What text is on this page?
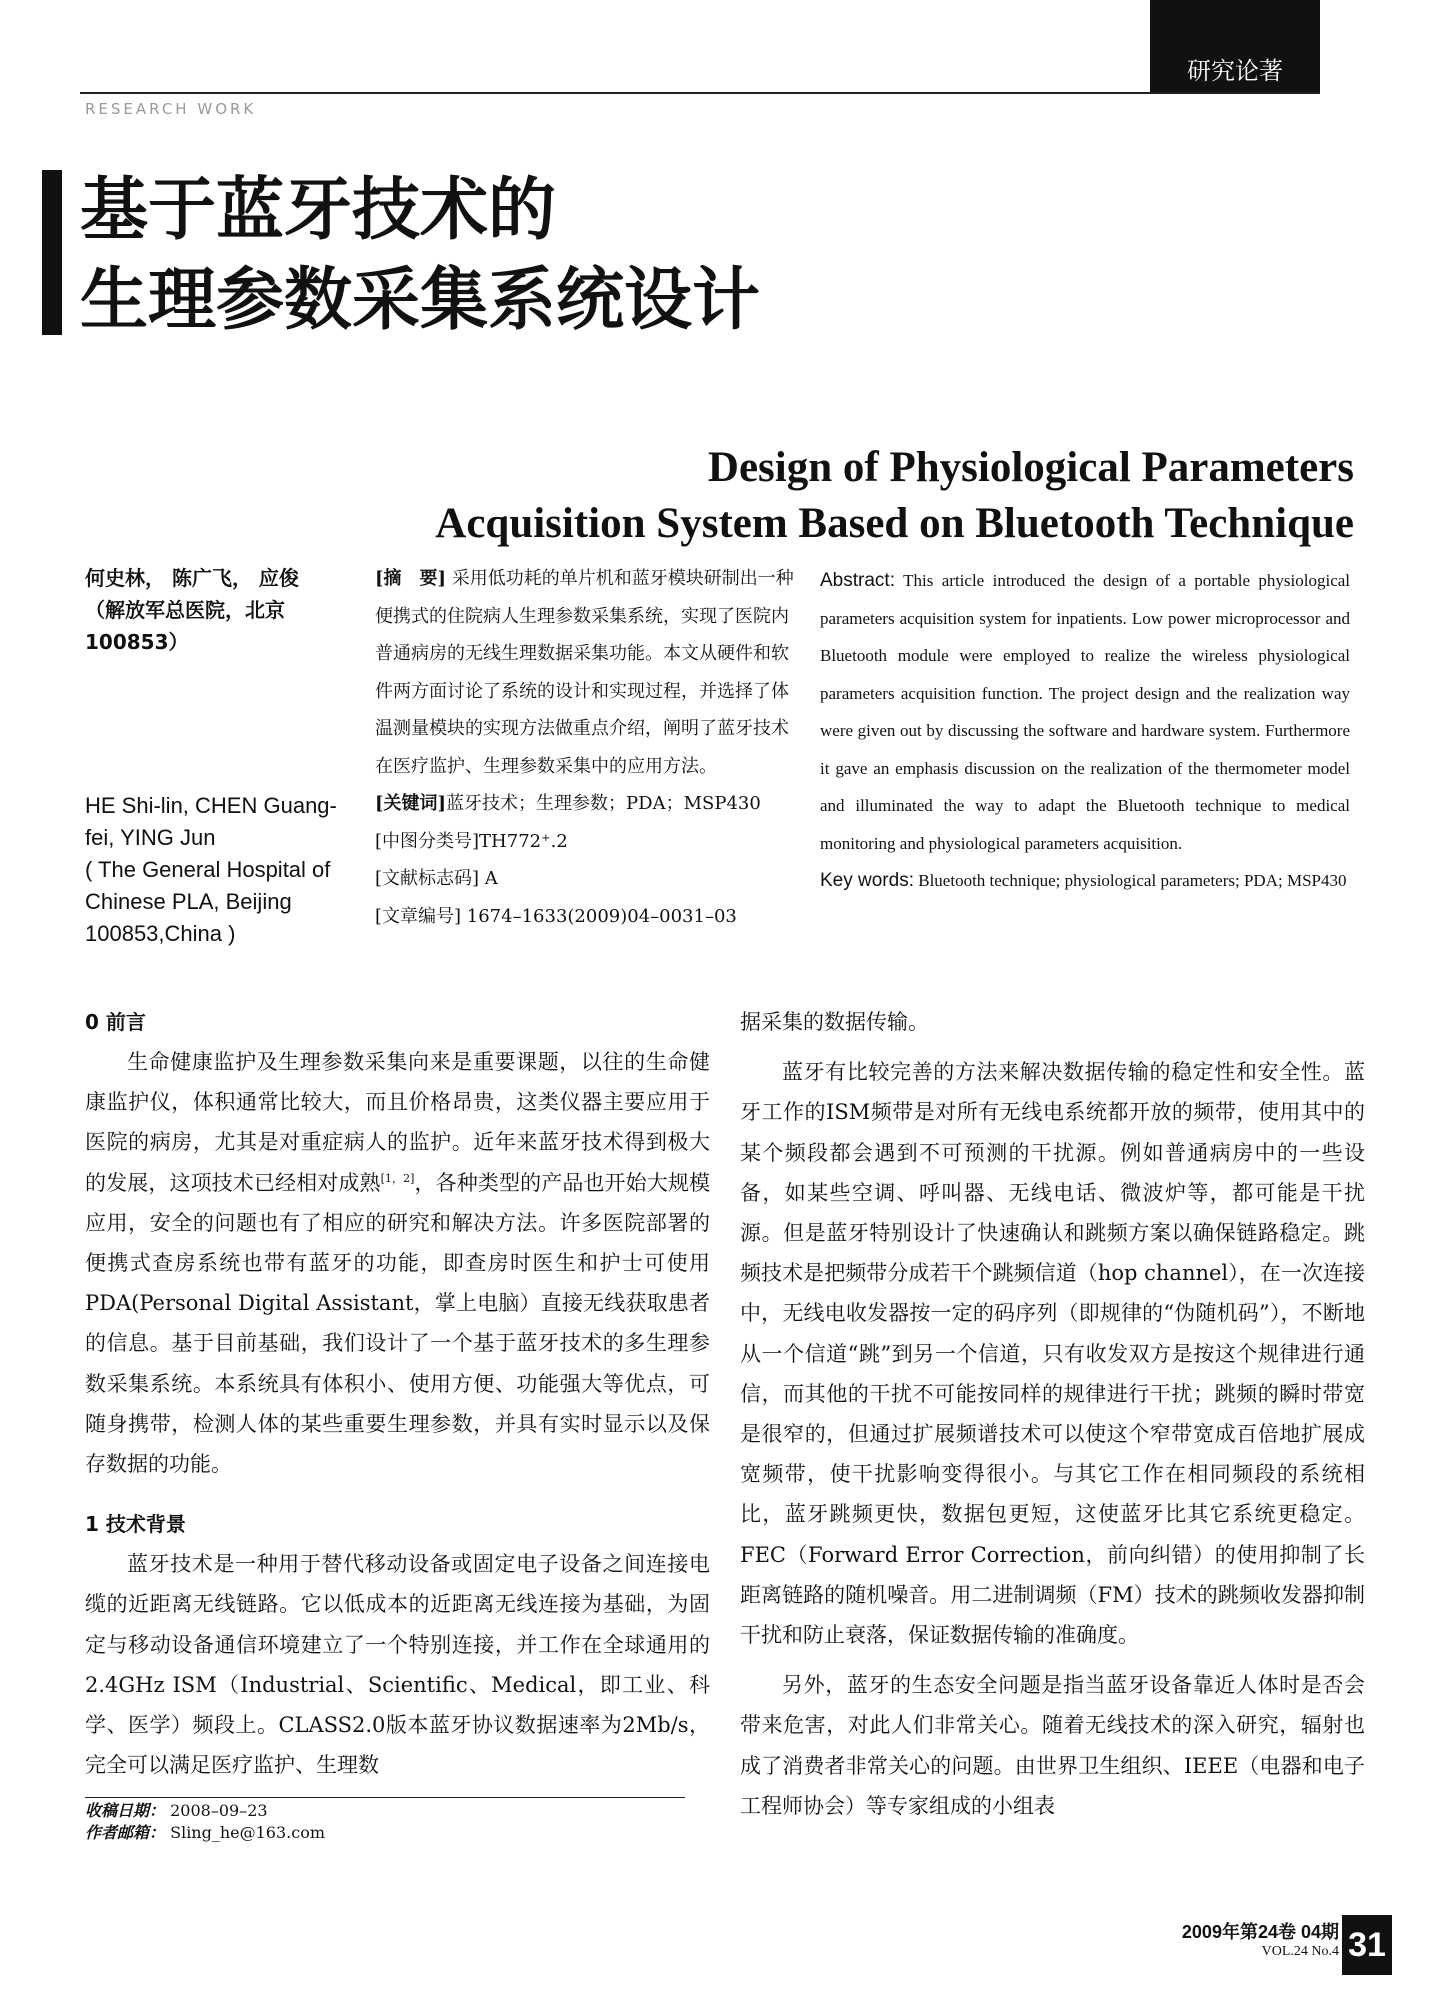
研究论著
RESEARCH WORK
基于蓝牙技术的
生理参数采集系统设计
Design of Physiological Parameters
Acquisition System Based on Bluetooth Technique
何史林， 陈广飞， 应俊
（解放军总医院，北京 100853）
HE Shi-lin, CHEN Guang-fei, YING Jun
( The General Hospital of Chinese PLA, Beijing 100853,China )

[摘　要] 采用低功耗的单片机和蓝牙模块研制出一种便携式的住院病人生理参数采集系统，实现了医院内普通病房的无线生理数据采集功能。本文从硬件和软件两方面讨论了系统的设计和实现过程，并选择了体温测量模块的实现方法做重点介绍，阐明了蓝牙技术在医疗监护、生理参数采集中的应用方法。

[关键词]蓝牙技术；生理参数；PDA；MSP430

[中图分类号]TH772⁺.2

[文献标志码] A

[文章编号] 1674–1633(2009)04–0031–03

Abstract: This article introduced the design of a portable physiological parameters acquisition system for inpatients. Low power microprocessor and Bluetooth module were employed to realize the wireless physiological parameters acquisition function. The project design and the realization way were given out by discussing the software and hardware system. Furthermore it gave an emphasis discussion on the realization of the thermometer model and illuminated the way to adapt the Bluetooth technique to medical monitoring and physiological parameters acquisition.
Key words: Bluetooth technique; physiological parameters; PDA; MSP430
0 前言

生命健康监护及生理参数采集向来是重要课题，以往的生命健康监护仪，体积通常比较大，而且价格昂贵，这类仪器主要应用于医院的病房，尤其是对重症病人的监护。近年来蓝牙技术得到极大的发展，这项技术已经相对成熟[1，2]，各种类型的产品也开始大规模应用，安全的问题也有了相应的研究和解决方法。许多医院部署的便携式查房系统也带有蓝牙的功能，即查房时医生和护士可使用PDA(Personal Digital Assistant，掌上电脑）直接无线获取患者的信息。基于目前基础，我们设计了一个基于蓝牙技术的多生理参数采集系统。本系统具有体积小、使用方便、功能强大等优点，可随身携带，检测人体的某些重要生理参数，并具有实时显示以及保存数据的功能。

1 技术背景

蓝牙技术是一种用于替代移动设备或固定电子设备之间连接电缆的近距离无线链路。它以低成本的近距离无线连接为基础，为固定与移动设备通信环境建立了一个特别连接，并工作在全球通用的2.4GHz ISM（Industrial、Scientific、Medical，即工业、科学、医学）频段上。CLASS2.0版本蓝牙协议数据速率为2Mb/s，完全可以满足医疗监护、生理数

据采集的数据传输。

蓝牙有比较完善的方法来解决数据传输的稳定性和安全性。蓝牙工作的ISM频带是对所有无线电系统都开放的频带，使用其中的某个频段都会遇到不可预测的干扰源。例如普通病房中的一些设备，如某些空调、呼叫器、无线电话、微波炉等，都可能是干扰源。但是蓝牙特别设计了快速确认和跳频方案以确保链路稳定。跳频技术是把频带分成若干个跳频信道（hop channel），在一次连接中，无线电收发器按一定的码序列（即规律的“伪随机码”），不断地从一个信道“跳”到另一个信道，只有收发双方是按这个规律进行通信，而其他的干扰不可能按同样的规律进行干扰；跳频的瞬时带宽是很窄的，但通过扩展频谱技术可以使这个窄带宽成百倍地扩展成宽频带，使干扰影响变得很小。与其它工作在相同频段的系统相比，蓝牙跳频更快，数据包更短，这使蓝牙比其它系统更稳定。FEC（Forward Error Correction，前向纠错）的使用抑制了长距离链路的随机噪音。用二进制调频（FM）技术的跳频收发器抑制干扰和防止衰落，保证数据传输的准确度。

另外，蓝牙的生态安全问题是指当蓝牙设备靠近人体时是否会带来危害，对此人们非常关心。随着无线技术的深入研究，辐射也成了消费者非常关心的问题。由世界卫生组织、IEEE（电器和电子工程师协会）等专家组成的小组表

收稿日期： 2008–09–23
作者邮箱： Sling_he@163.com
2009年第24卷 04期
VOL.24 No.4 31
